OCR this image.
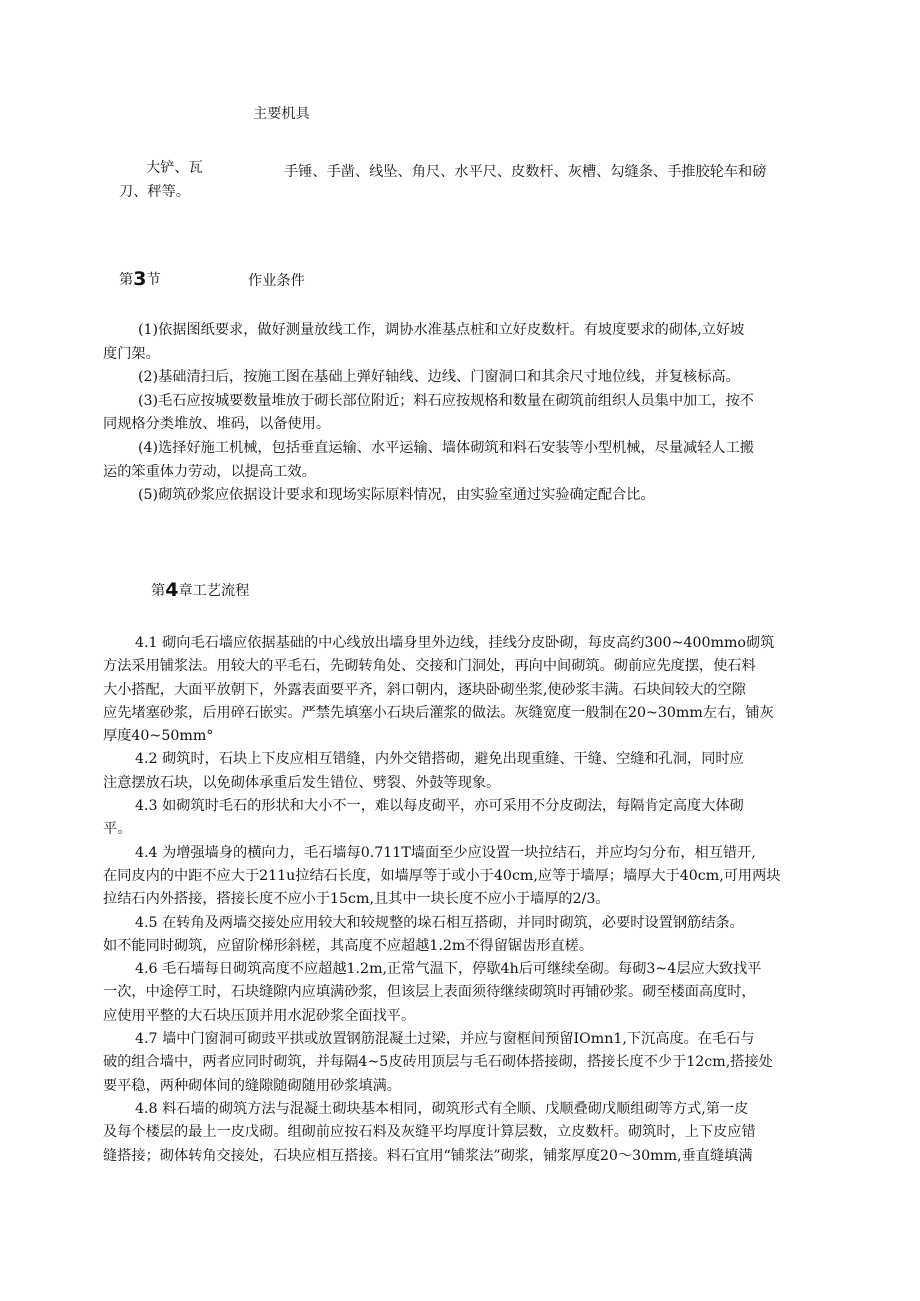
主要机具
大铲、瓦	手锤、手凿、线坠、角尺、水平尺、皮数杆、灰槽、勾缝条、手推胶轮车和磅
刀、秤等。
第3节	作业条件
(1)依据图纸要求，做好测量放线工作，调协水准基点桩和立好皮数杆。有坡度要求的砌体,立好坡
度门架。
(2)基础清扫后，按施工图在基础上弹好轴线、边线、门窗洞口和其余尺寸地位线，并复核标高。
(3)毛石应按城要数量堆放于砌长部位附近；料石应按规格和数量在砌筑前组织人员集中加工，按不
同规格分类堆放、堆码，以备使用。
(4)选择好施工机械，包括垂直运输、水平运输、墙体砌筑和料石安装等小型机械，尽量减轻人工搬
运的笨重体力劳动，以提高工效。
(5)砌筑砂浆应依据设计要求和现场实际原料情况，由实验室通过实验确定配合比。
第4章工艺流程
4.1 砌向毛石墙应依据基础的中心线放出墙身里外边线，挂线分皮卧砌，每皮高约300~400mmo砌筑
方法采用铺浆法。用较大的平毛石，先砌转角处、交接和门洞处，再向中间砌筑。砌前应先度摆，使石料
大小搭配，大面平放朝下，外露表面要平齐，斜口朝内，逐块卧砌坐浆,使砂浆丰满。石块间较大的空隙
应先堵塞砂浆，后用碎石嵌实。严禁先填塞小石块后灌浆的做法。灰缝宽度一般制在20~30mm左右，铺灰
厚度40~50mm°
4.2 砌筑时，石块上下皮应相互错缝，内外交错搭砌，避免出现重缝、干缝、空缝和孔洞，同时应
注意摆放石块，以免砌体承重后发生错位、劈裂、外鼓等现象。
4.3 如砌筑时毛石的形状和大小不一，难以每皮砌平，亦可采用不分皮砌法，每隔肯定高度大体砌
平。
4.4 为增强墙身的横向力，毛石墙每0.711T墙面至少应设置一块拉结石，并应均匀分布，相互错开,
在同皮内的中距不应大于211u拉结石长度，如墙厚等于或小于40cm,应等于墙厚；墙厚大于40cm,可用两块
拉结石内外搭接，搭接长度不应小于15cm,且其中一块长度不应小于墙厚的2/3。
4.5 在转角及两墙交接处应用较大和较规整的垛石相互搭砌，并同时砌筑，必要时设置钢筋结条。
如不能同时砌筑，应留阶梯形斜槎，其高度不应超越1.2m不得留锯齿形直槎。
4.6 毛石墙每日砌筑高度不应超越1.2m,正常气温下，停歇4h后可继续垒砌。每砌3~4层应大致找平
一次，中途停工时，石块缝隙内应填满砂浆，但该层上表面须待继续砌筑时再铺砂浆。砌至楼面高度时，
应使用平整的大石块压顶并用水泥砂浆全面找平。
4.7 墙中门窗洞可砌豉平拱或放置钢筋混凝土过梁，并应与窗框间预留IOmn1,下沉高度。在毛石与
破的组合墙中，两者应同时砌筑，并每隔4~5皮砖用顶层与毛石砌体搭接砌，搭接长度不少于12cm,搭接处
要平稳，两种砌体间的缝隙随砌随用砂浆填满。
4.8 料石墙的砌筑方法与混凝土砌块基本相同，砌筑形式有全顺、戊顺叠砌戊顺组砌等方式,第一皮
及每个楼层的最上一皮戊砌。组砌前应按石料及灰缝平均厚度计算层数，立皮数杆。砌筑时，上下皮应错
缝搭接；砌体转角交接处，石块应相互搭接。料石宜用“铺浆法”砌浆，铺浆厚度20～30mm,垂直缝填满
